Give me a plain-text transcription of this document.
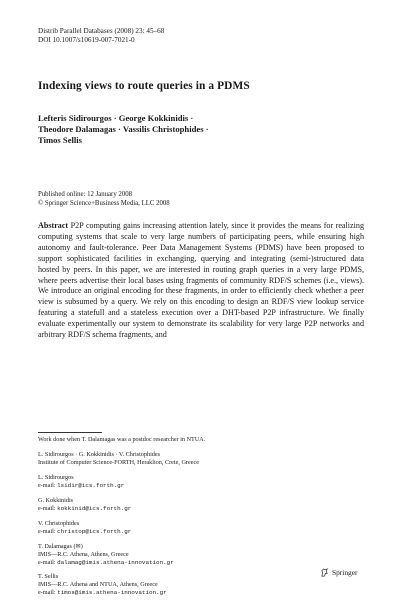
Distrib Parallel Databases (2008) 23: 45–68
DOI 10.1007/s10619-007-7021-0
Indexing views to route queries in a PDMS
Lefteris Sidirourgos · George Kokkinidis ·
Theodore Dalamagas · Vassilis Christophides ·
Timos Sellis
Published online: 12 January 2008
© Springer Science+Business Media, LLC 2008
Abstract P2P computing gains increasing attention lately, since it provides the means for realizing computing systems that scale to very large numbers of participating peers, while ensuring high autonomy and fault-tolerance. Peer Data Management Systems (PDMS) have been proposed to support sophisticated facilities in exchanging, querying and integrating (semi-)structured data hosted by peers. In this paper, we are interested in routing graph queries in a very large PDMS, where peers advertise their local bases using fragments of community RDF/S schemes (i.e., views). We introduce an original encoding for these fragments, in order to efficiently check whether a peer view is subsumed by a query. We rely on this encoding to design an RDF/S view lookup service featuring a statefull and a stateless execution over a DHT-based P2P infrastructure. We finally evaluate experimentally our system to demonstrate its scalability for very large P2P networks and arbitrary RDF/S schema fragments, and
Work done when T. Dalamagas was a postdoc researcher in NTUA.
L. Sidirourgos · G. Kokkinidis · V. Christophides
Institute of Computer Science-FORTH, Heraklion, Crete, Greece
L. Sidirourgos
e-mail: lsidir@ics.forth.gr
G. Kokkinidis
e-mail: kokkinid@ics.forth.gr
V. Christophides
e-mail: christop@ics.forth.gr
T. Dalamagas (✉)
IMIS—R.C. Athena, Athens, Greece
e-mail: dalamag@imis.athena-innovation.gr
T. Sellis
IMIS—R.C. Athena and NTUA, Athens, Greece
e-mail: timos@imis.athena-innovation.gr
Springer
